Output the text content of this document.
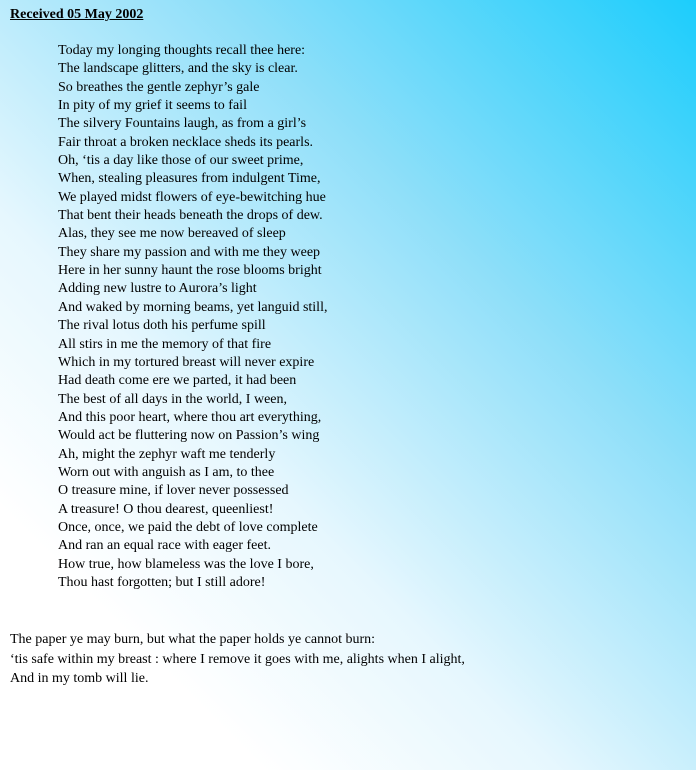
Received 05 May 2002
Today my longing thoughts recall thee here:
The landscape glitters, and the sky is clear.
So breathes the gentle zephyr’s gale
In pity of my grief it seems to fail
The silvery Fountains laugh, as from a girl’s
Fair throat a broken necklace sheds its pearls.
Oh, ‘tis a day like those of our sweet prime,
When, stealing pleasures from indulgent Time,
We played midst flowers of eye-bewitching hue
That bent their heads beneath the drops of dew.
Alas, they see me now bereaved of sleep
They share my passion and with me they weep
Here in her sunny haunt the rose blooms bright
Adding new lustre to Aurora’s light
And waked by morning beams, yet languid still,
The rival lotus doth his perfume spill
All stirs in me the memory of that fire
Which in my tortured breast will never expire
Had death come ere we parted, it had been
The best of all days in the world, I ween,
And this poor heart, where thou art everything,
Would act be fluttering now on Passion’s wing
Ah, might the zephyr waft me tenderly
Worn out with anguish as I am, to thee
O treasure mine, if lover never possessed
A treasure! O thou dearest, queenliest!
Once, once, we paid the debt of love complete
And ran an equal race with eager feet.
How true, how blameless was the love I bore,
Thou hast forgotten; but I still adore!
The paper ye may burn, but what the paper holds ye cannot burn:
‘tis safe within my breast : where I remove it goes with me, alights when I alight,
And in my tomb will lie.
